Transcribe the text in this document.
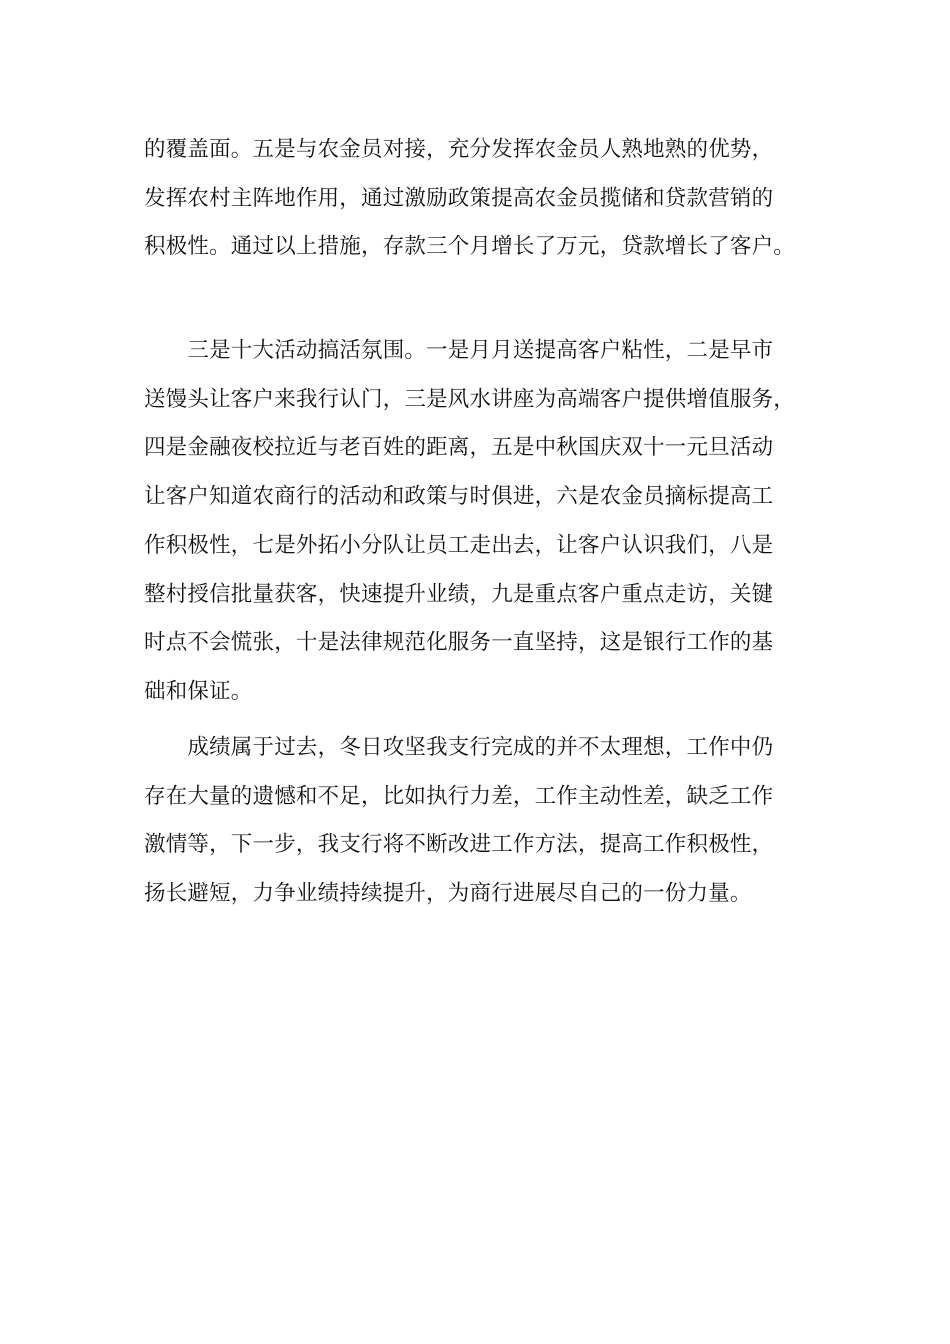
的覆盖面。五是与农金员对接，充分发挥农金员人熟地熟的优势，
发挥农村主阵地作用，通过激励政策提高农金员揽储和贷款营销的
积极性。通过以上措施，存款三个月增长了万元，贷款增长了客户。
　　三是十大活动搞活氛围。一是月月送提高客户粘性，二是早市
送馒头让客户来我行认门，三是风水讲座为高端客户提供增值服务，
四是金融夜校拉近与老百姓的距离，五是中秋国庆双十一元旦活动
让客户知道农商行的活动和政策与时俱进，六是农金员摘标提高工
作积极性，七是外拓小分队让员工走出去，让客户认识我们，八是
整村授信批量获客，快速提升业绩，九是重点客户重点走访，关键
时点不会慌张，十是法律规范化服务一直坚持，这是银行工作的基
础和保证。
　　成绩属于过去，冬日攻坚我支行完成的并不太理想，工作中仍
存在大量的遗憾和不足，比如执行力差，工作主动性差，缺乏工作
激情等，下一步，我支行将不断改进工作方法，提高工作积极性，
扬长避短，力争业绩持续提升，为商行进展尽自己的一份力量。
